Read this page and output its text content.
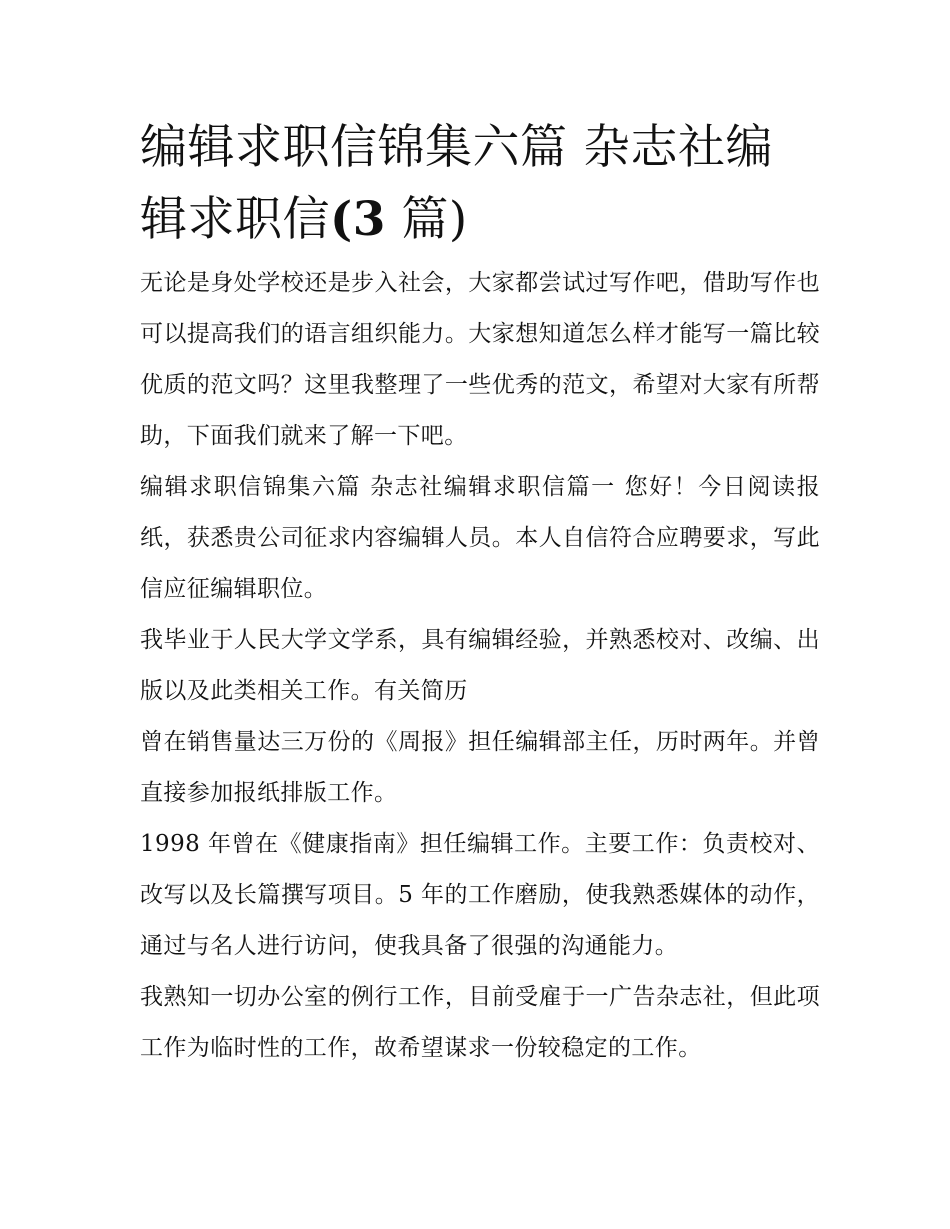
编辑求职信锦集六篇 杂志社编辑求职信(3 篇)

无论是身处学校还是步入社会，大家都尝试过写作吧，借助写作也可以提高我们的语言组织能力。大家想知道怎么样才能写一篇比较优质的范文吗？这里我整理了一些优秀的范文，希望对大家有所帮助，下面我们就来了解一下吧。

编辑求职信锦集六篇 杂志社编辑求职信篇一 您好！今日阅读报纸，获悉贵公司征求内容编辑人员。本人自信符合应聘要求，写此信应征编辑职位。

我毕业于人民大学文学系，具有编辑经验，并熟悉校对、改编、出版以及此类相关工作。有关简历

曾在销售量达三万份的《周报》担任编辑部主任，历时两年。并曾直接参加报纸排版工作。

1998 年曾在《健康指南》担任编辑工作。主要工作：负责校对、改写以及长篇撰写项目。5 年的工作磨励，使我熟悉媒体的动作，通过与名人进行访问，使我具备了很强的沟通能力。

我熟知一切办公室的例行工作，目前受雇于一广告杂志社，但此项工作为临时性的工作，故希望谋求一份较稳定的工作。
